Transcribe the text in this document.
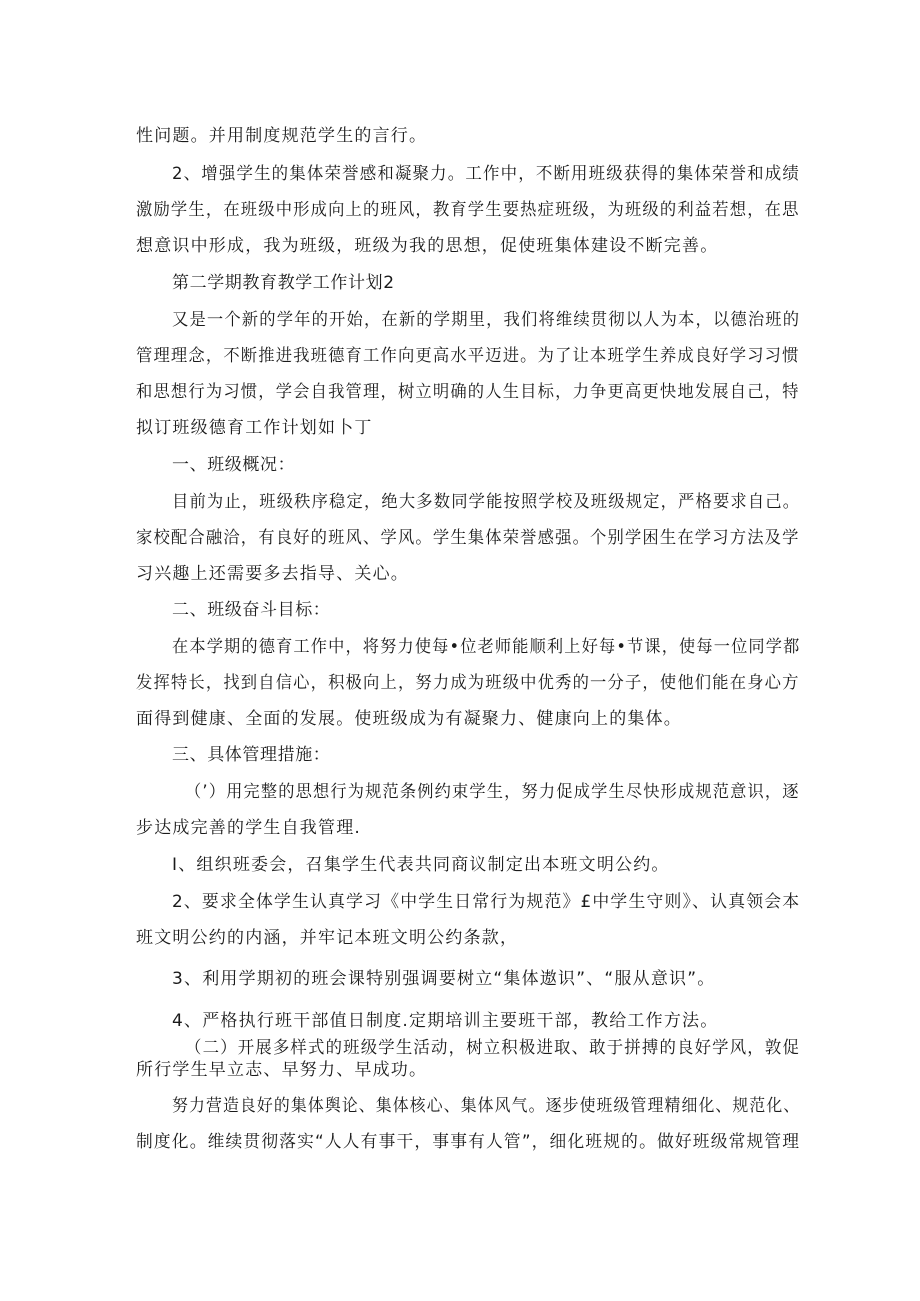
性问题。并用制度规范学生的言行。

2、增强学生的集体荣誉感和凝聚力。工作中，不断用班级获得的集体荣誉和成绩

激励学生，在班级中形成向上的班风，教育学生要热症班级，为班级的利益若想，在思

想意识中形成，我为班级，班级为我的思想，促使班集体建设不断完善。

第二学期教育教学工作计划2

又是一个新的学年的开始，在新的学期里，我们将维续贯彻以人为本，以德治班的

管理理念，不断推进我班德育工作向更高水平迈进。为了让本班学生养成良好学习习惯

和思想行为习惯，学会自我管理，树立明确的人生目标，力争更高更快地发展自己，特

拟订班级德育工作计划如卜丁

一、班级概况：

目前为止，班级秩序稳定，绝大多数同学能按照学校及班级规定，严格要求自己。

家校配合融洽，有良好的班风、学风。学生集体荣誉感强。个别学困生在学习方法及学

习兴趣上还需要多去指导、关心。

二、班级奋斗目标：

在本学期的德育工作中，将努力使每•位老师能顺利上好每•节课，使每一位同学都

发挥特长，找到自信心，积极向上，努力成为班级中优秀的一分子，使他们能在身心方

面得到健康、全面的发展。使班级成为有凝聚力、健康向上的集体。

三、具体管理措施：

（’）用完整的思想行为规范条例约束学生，努力促成学生尽快形成规范意识，逐

步达成完善的学生自我管理.

I、组织班委会，召集学生代表共同商议制定出本班文明公约。

2、要求全体学生认真学习《中学生日常行为规范》£中学生守则》、认真领会本

班文明公约的内涵，并牢记本班文明公约条款，

3、利用学期初的班会课特别强调要树立“集体遨识”、“服从意识”。

4、严格执行班干部值日制度.定期培训主要班干部，教给工作方法。

（二）开展多样式的班级学生活动，树立积极进取、敢于拼搏的良好学风，敦促

所行学生早立志、早努力、早成功。

努力营造良好的集体舆论、集体核心、集体风气。逐步使班级管理精细化、规范化、

制度化。维续贯彻落实“人人有事干，事事有人管”，细化班规的。做好班级常规管理
